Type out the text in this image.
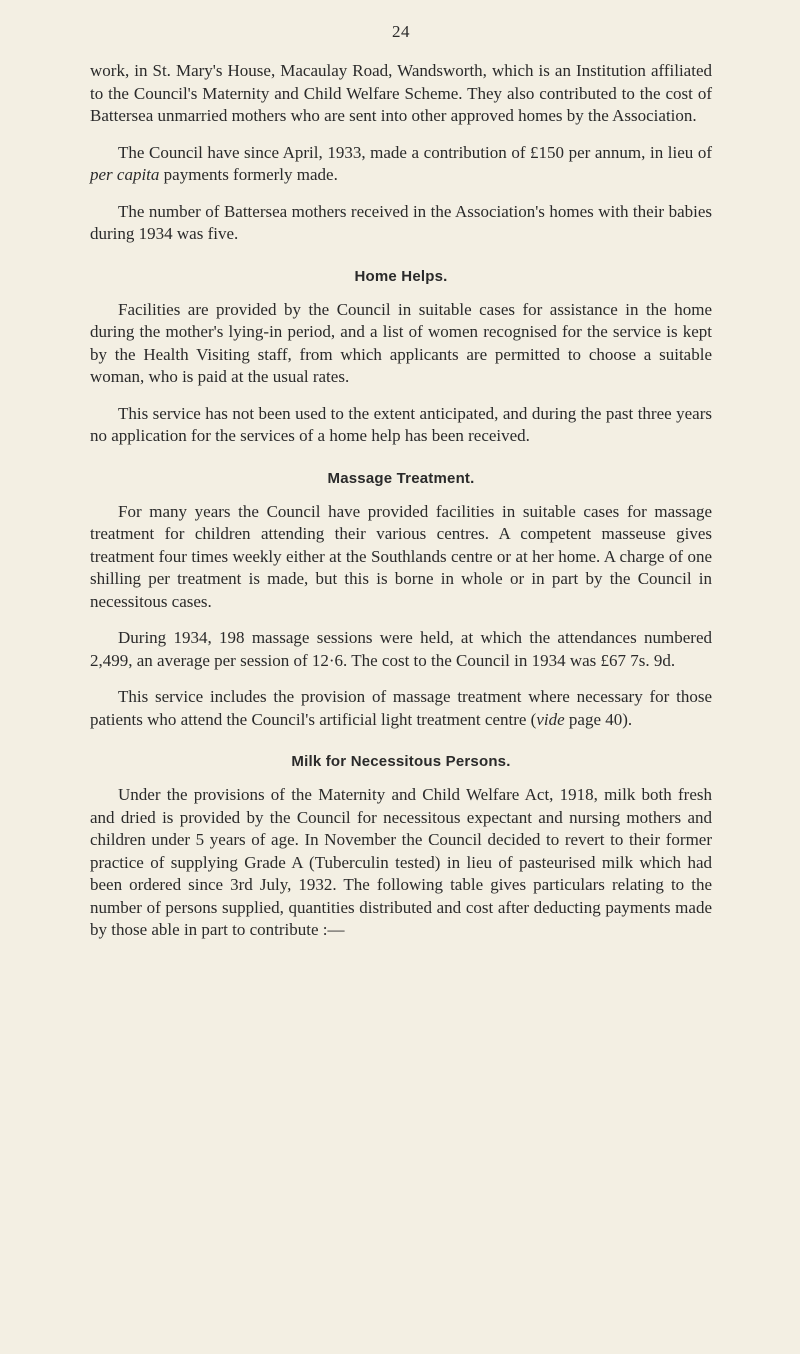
24

work, in St. Mary's House, Macaulay Road, Wandsworth, which is an Institution affiliated to the Council's Maternity and Child Welfare Scheme. They also contributed to the cost of Battersea unmarried mothers who are sent into other approved homes by the Association.

The Council have since April, 1933, made a contribution of £150 per annum, in lieu of per capita payments formerly made.

The number of Battersea mothers received in the Association's homes with their babies during 1934 was five.

Home Helps.

Facilities are provided by the Council in suitable cases for assistance in the home during the mother's lying-in period, and a list of women recognised for the service is kept by the Health Visiting staff, from which applicants are permitted to choose a suitable woman, who is paid at the usual rates.

This service has not been used to the extent anticipated, and during the past three years no application for the services of a home help has been received.

Massage Treatment.

For many years the Council have provided facilities in suitable cases for massage treatment for children attending their various centres. A competent masseuse gives treatment four times weekly either at the Southlands centre or at her home. A charge of one shilling per treatment is made, but this is borne in whole or in part by the Council in necessitous cases.

During 1934, 198 massage sessions were held, at which the attendances numbered 2,499, an average per session of 12·6. The cost to the Council in 1934 was £67 7s. 9d.

This service includes the provision of massage treatment where necessary for those patients who attend the Council's artificial light treatment centre (vide page 40).

Milk for Necessitous Persons.

Under the provisions of the Maternity and Child Welfare Act, 1918, milk both fresh and dried is provided by the Council for necessitous expectant and nursing mothers and children under 5 years of age. In November the Council decided to revert to their former practice of supplying Grade A (Tuberculin tested) in lieu of pasteurised milk which had been ordered since 3rd July, 1932. The following table gives particulars relating to the number of persons supplied, quantities distributed and cost after deducting payments made by those able in part to contribute :—
